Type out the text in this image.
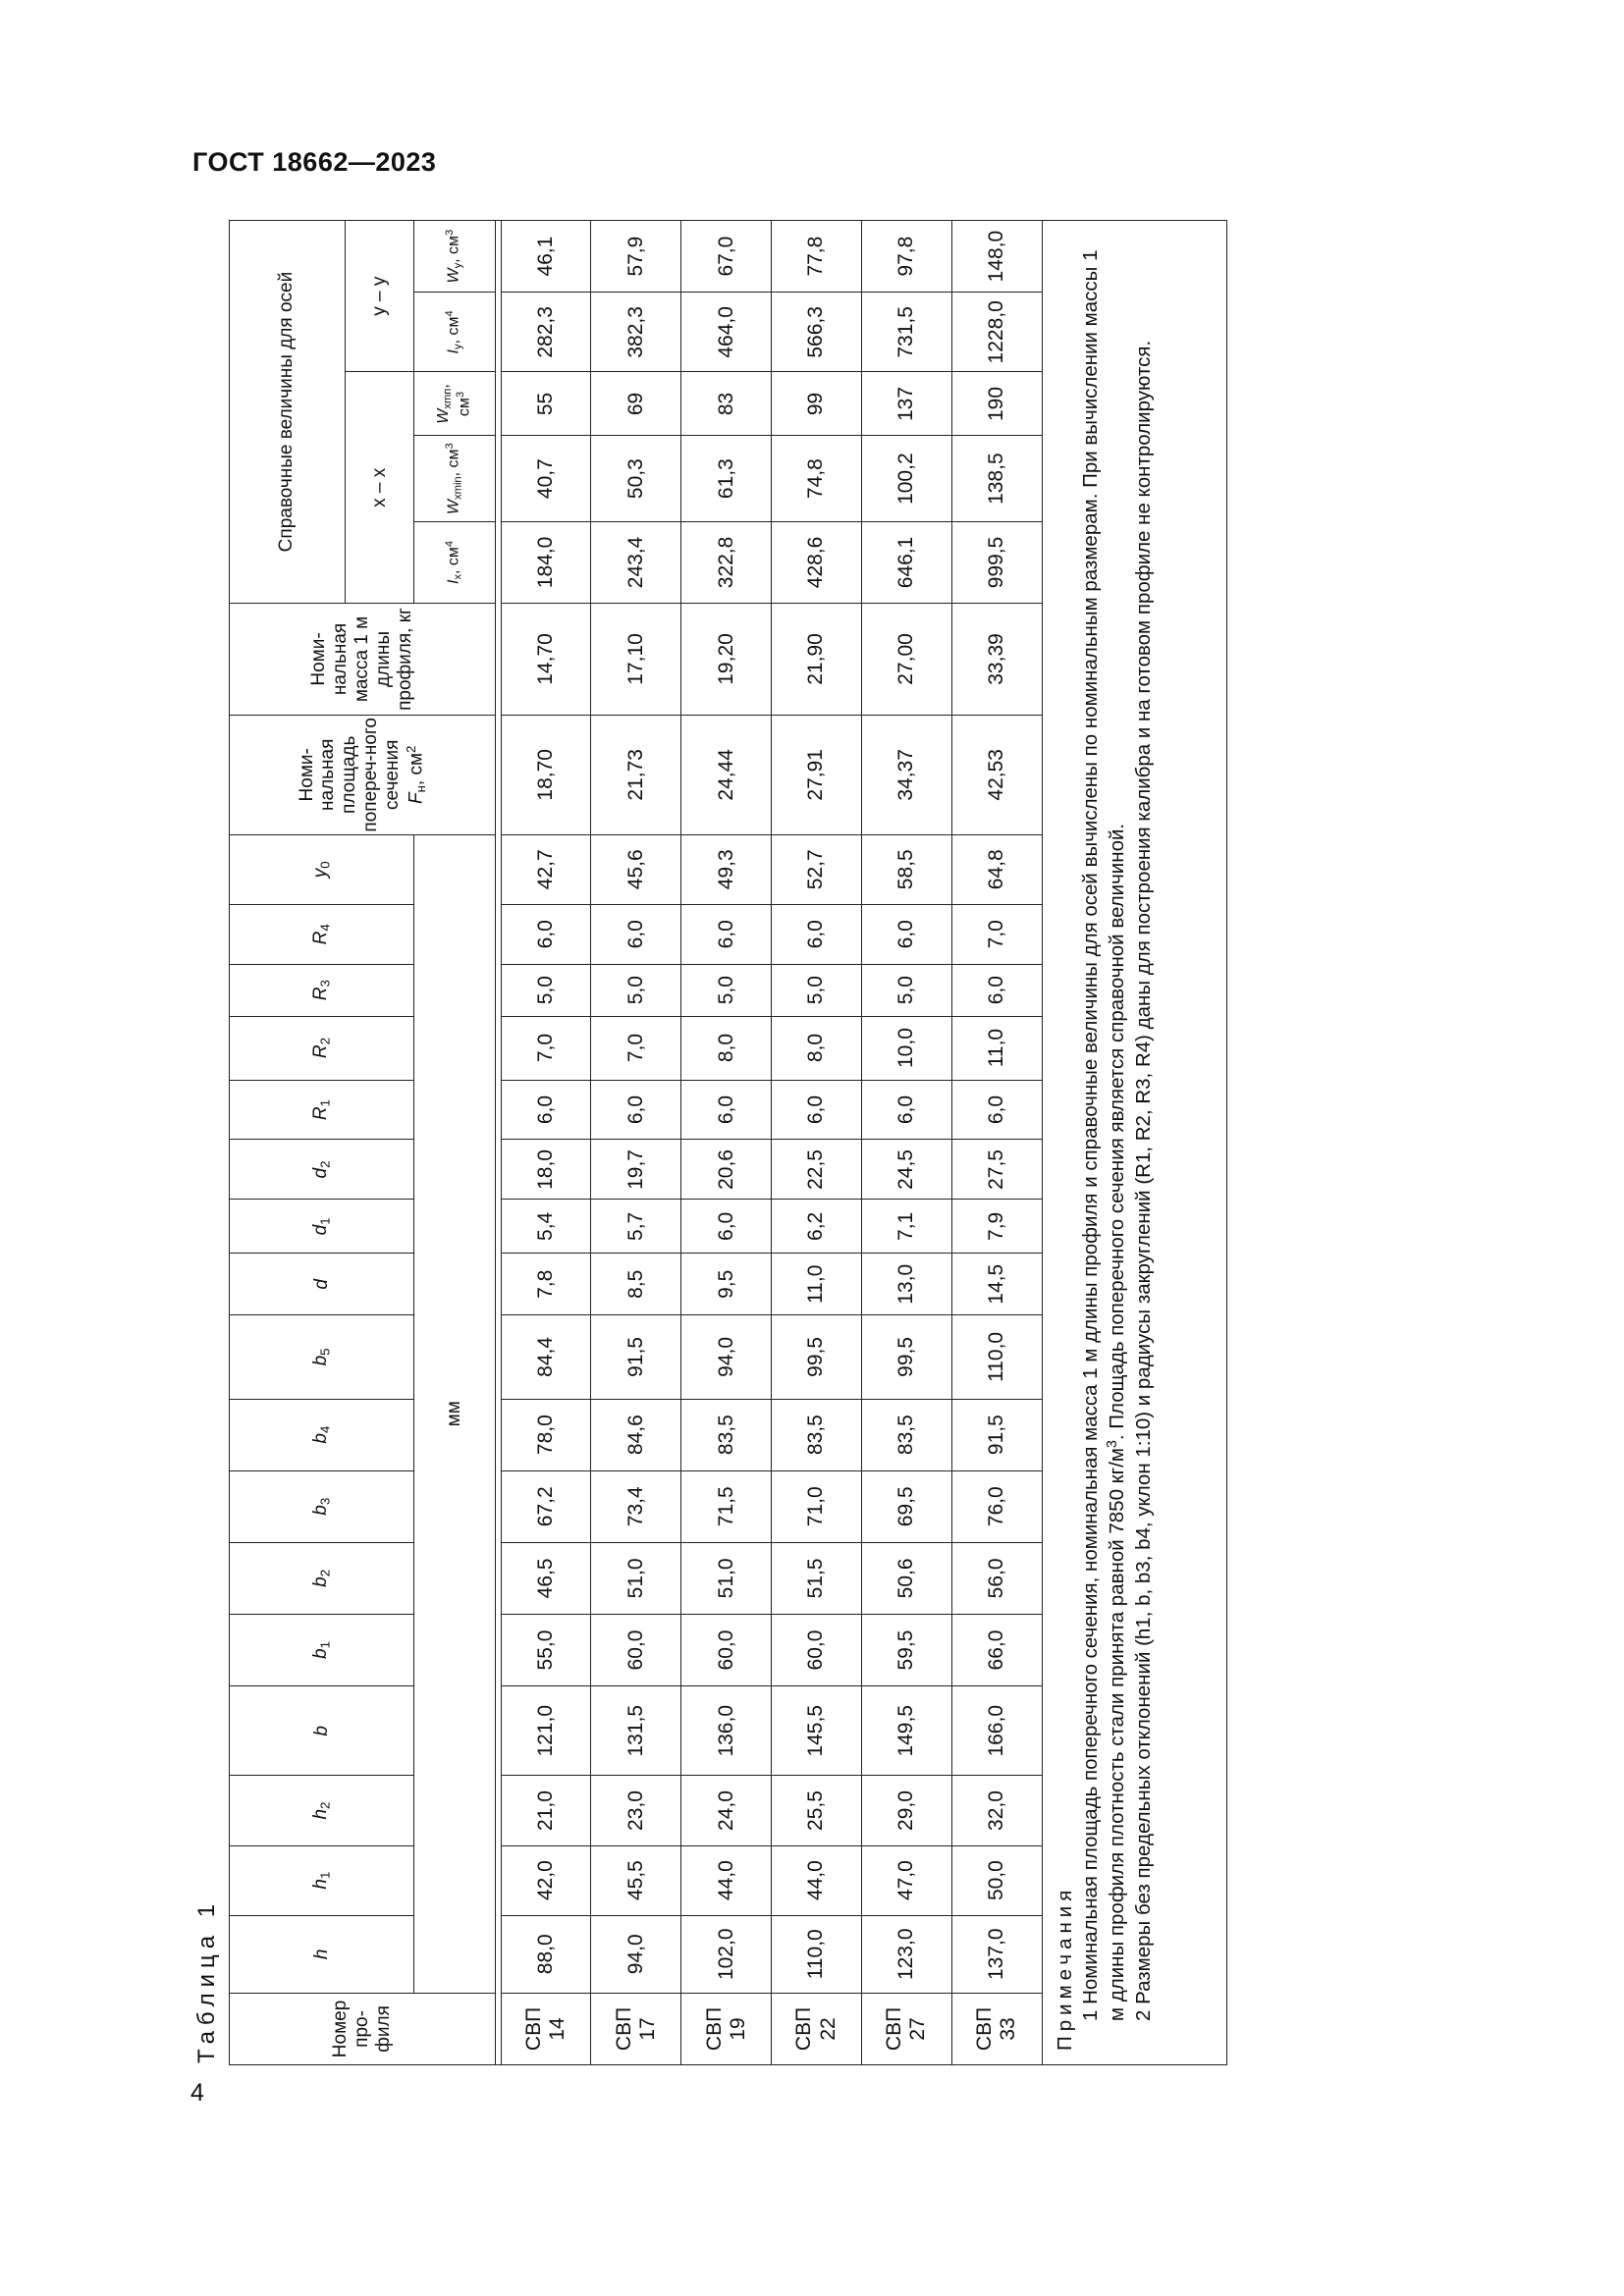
ГОСТ 18662—2023
4
Таблица 1	Номер про-филя	h	$h_1$	$h_2$	b	$b_1$	$b_2$	$b_3$	$b_4$	$b_5$	d	$d_1$	$d_2$	$R_1$	$R_2$	$R_3$	$R_4$	$y_0$	Номи-нальная площадь попереч-ного сечения $F_н$, $см^2$	Номи-нальная масса 1 м длины профиля, кг	Справочные величины для осей				
																				x – x			y – y	
	мм																			$I_x$, $см^4$	$W_{xmin}$, $см^3$	$W_{xmп}$, $см^3$	$I_y$, $см^4$	$W_y$, $см^3$

СВП 14	88,0	42,0	21,0	121,0	55,0	46,5	67,2	78,0	84,4	7,8	5,4	18,0	6,0	7,0	5,0	6,0	42,7	18,70	14,70	184,0	40,7	55	282,3	46,1
СВП 17	94,0	45,5	23,0	131,5	60,0	51,0	73,4	84,6	91,5	8,5	5,7	19,7	6,0	7,0	5,0	6,0	45,6	21,73	17,10	243,4	50,3	69	382,3	57,9
СВП 19	102,0	44,0	24,0	136,0	60,0	51,0	71,5	83,5	94,0	9,5	6,0	20,6	6,0	8,0	5,0	6,0	49,3	24,44	19,20	322,8	61,3	83	464,0	67,0
СВП 22	110,0	44,0	25,5	145,5	60,0	51,5	71,0	83,5	99,5	11,0	6,2	22,5	6,0	8,0	5,0	6,0	52,7	27,91	21,90	428,6	74,8	99	566,3	77,8
СВП 27	123,0	47,0	29,0	149,5	59,5	50,6	69,5	83,5	99,5	13,0	7,1	24,5	6,0	10,0	5,0	6,0	58,5	34,37	27,00	646,1	100,2	137	731,5	97,8
СВП 33	137,0	50,0	32,0	166,0	66,0	56,0	76,0	91,5	110,0	14,5	7,9	27,5	6,0	11,0	6,0	7,0	64,8	42,53	33,39	999,5	138,5	190	1228,0	148,0

Примечания 1 Номинальная площадь поперечного сечения, номинальная масса 1 м длины профиля и справочные величины для осей вычислены по номинальным размерам. При вычислении массы 1 м длины профиля плотность стали принята равной 7850 $кг/м^3$. Площадь поперечного сечения является справочной величиной. 2 Размеры без предельных отклонений (h1, b, b3, b4, уклон 1:10) и радиусы закруглений (R1, R2, R3, R4) даны для построения калибра и на готовом профиле не контролируются.																								
